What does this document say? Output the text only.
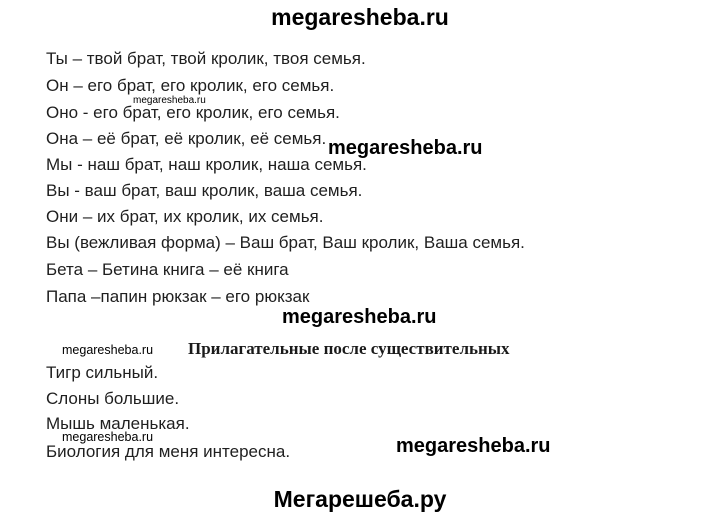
megaresheba.ru
Ты – твой брат, твой кролик, твоя семья.
Он – его брат, его кролик, его семья.
Оно - его брат, его кролик, его семья.
Она – её брат, её кролик, её семья.
Мы - наш брат, наш кролик, наша семья.
Вы - ваш брат, ваш кролик, ваша семья.
Они – их брат, их кролик, их семья.
Вы (вежливая форма) – Ваш брат, Ваш кролик, Ваша семья.
Бета – Бетина книга – её книга
Папа –папин рюкзак – его рюкзак
megaresheba.ru
megaresheba.ru
megaresheba.ru
megaresheba.ru Прилагательные после существительных
Тигр сильный.
Слоны большие.
Мышь маленькая.
Биология для меня интересна.
megaresheba.ru	megaresheba.ru
Мегарешеба.ру
